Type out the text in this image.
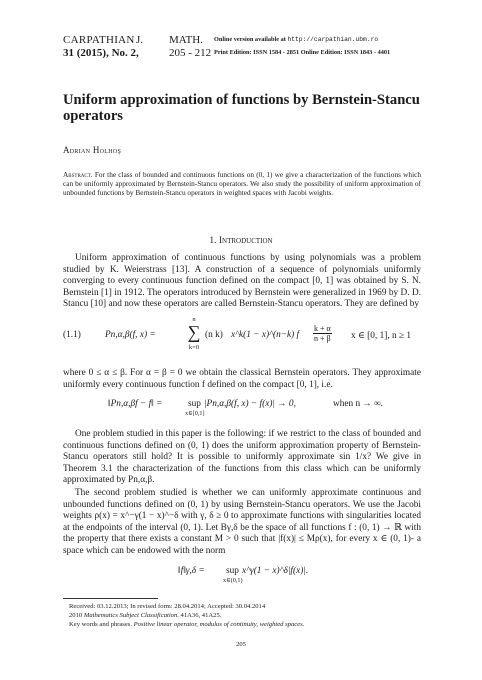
CARPATHIANJ. MATH.
31 (2015), No. 2,	205 - 212
Online version available at http://carpathian.ubm.ro
Print Edition: ISSN 1584 - 2851 Online Edition: ISSN 1843 - 4401
Uniform approximation of functions by Bernstein-Stancu operators
Adrian Holhoş
Abstract. For the class of bounded and continuous functions on (0, 1) we give a characterization of the functions which can be uniformly approximated by Bernstein-Stancu operators. We also study the possibility of uniform approximation of unbounded functions by Bernstein-Stancu operators in weighted spaces with Jacobi weights.
1. Introduction
Uniform approximation of continuous functions by using polynomials was a problem studied by K. Weierstrass [13]. A construction of a sequence of polynomials uniformly converging to every continuous function defined on the compact [0, 1] was obtained by S. N. Bernstein [1] in 1912. The operators introduced by Bernstein were generalized in 1969 by D. D. Stancu [10] and now these operators are called Bernstein-Stancu operators. They are defined by
(1.1)	Pn,α,β(f, x) =
n
∑
k=0
(n k) x^k(1 − x)^(n−k) f $\frac{k + \alpha}{n + \beta}$ x ∈ [0, 1], n ≥ 1
where 0 ≤ α ≤ β. For α = β = 0 we obtain the classical Bernstein operators. They approximate uniformly every continuous function f defined on the compact [0, 1], i.e.
‖Pn,α,βf − f‖ =	sup
x∈[0,1]
|Pn,α,β(f, x) − f(x)| → 0,	when n → ∞.
One problem studied in this paper is the following: if we restrict to the class of bounded and continuous functions defined on (0, 1) does the uniform approximation property of Bernstein-Stancu operators still hold? It is possible to uniformly approximate sin 1/x? We give in Theorem 3.1 the characterization of the functions from this class which can be uniformly approximated by Pn,α,β.
The second problem studied is whether we can uniformly approximate continuous and unbounded functions defined on (0, 1) by using Bernstein-Stancu operators. We use the Jacobi weights ρ(x) = x^−γ(1 − x)^−δ with γ, δ ≥ 0 to approximate functions with singularities located at the endpoints of the interval (0, 1). Let Bγ,δ be the space of all functions f : (0, 1) → ℝ with the property that there exists a constant M > 0 such that |f(x)| ≤ Mρ(x), for every x ∈ (0, 1)- a space which can be endowed with the norm
‖f‖γ,δ = sup
x∈(0,1)
x^γ(1 − x)^δ|f(x)|.
Received: 03.12.2013; In revised form: 28.04.2014; Accepted: 30.04.2014
2010 Mathematics Subject Classification. 41A36, 41A25.
Key words and phrases. Positive linear operator, modulus of continuity, weighted spaces.
205
